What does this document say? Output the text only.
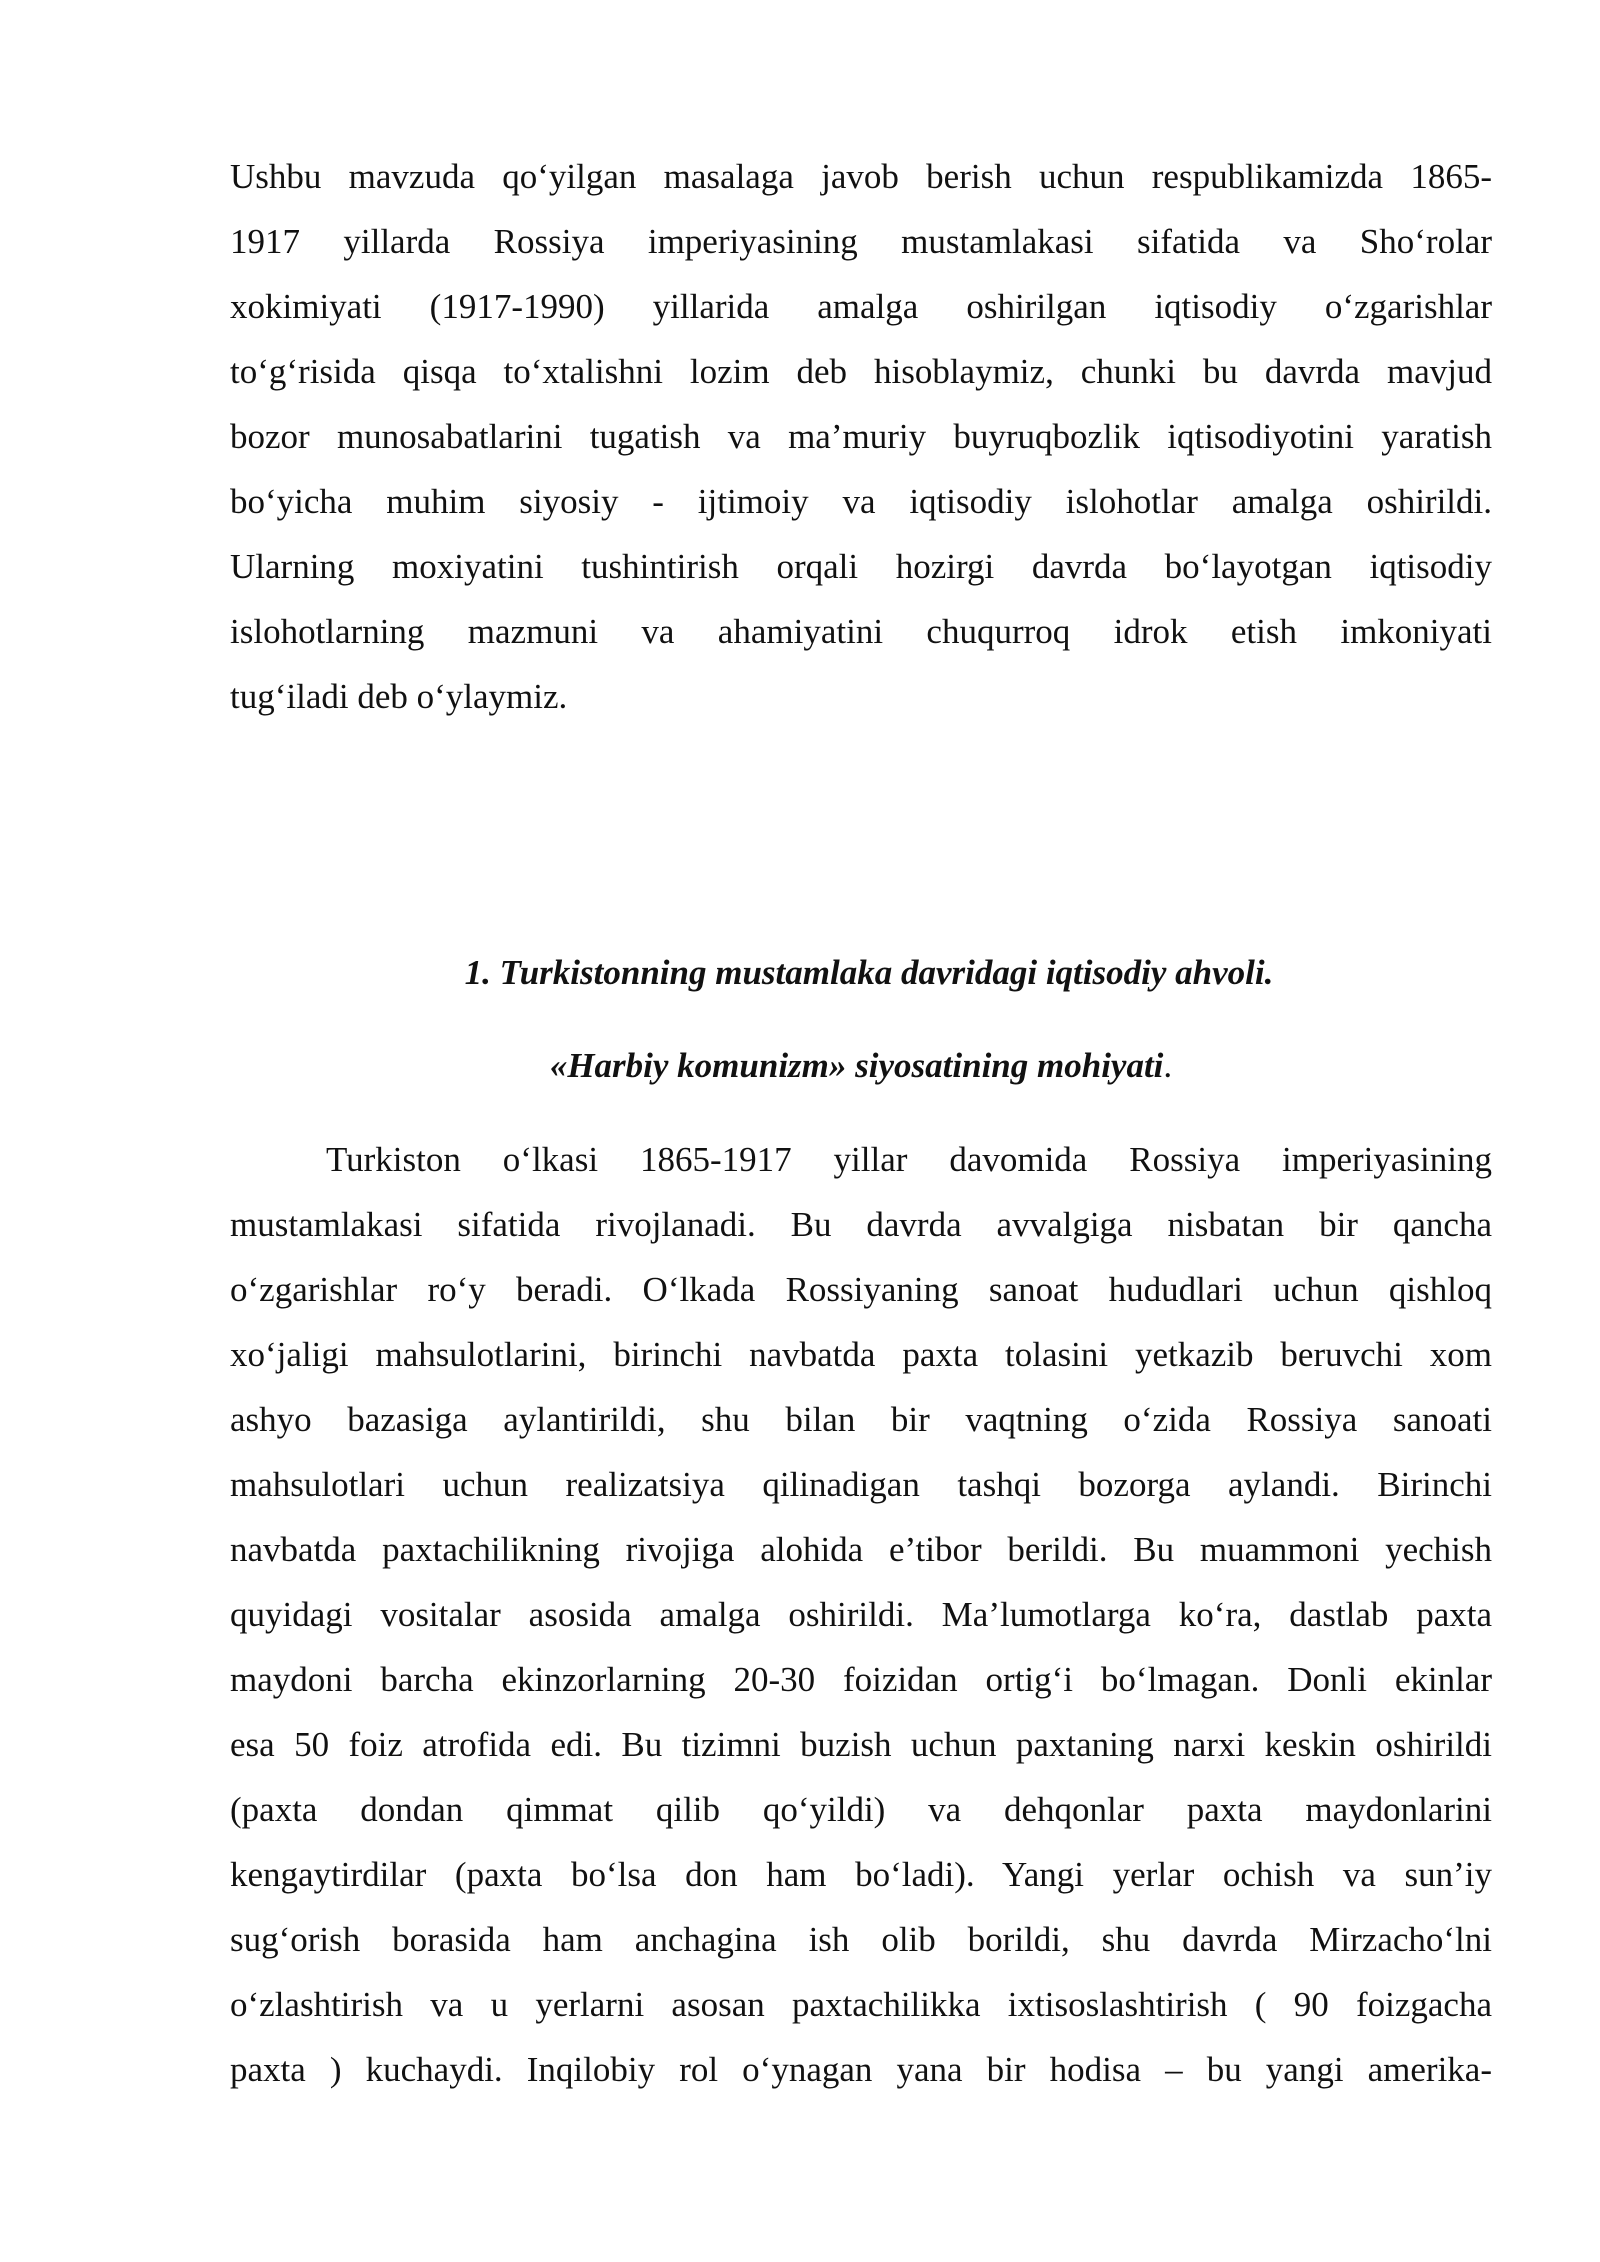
Ushbu mavzuda qo‘yilgan masalaga javob berish uchun respublikamizda 1865-
1917 yillarda Rossiya imperiyasining mustamlakasi sifatida va Sho‘rolar
xokimiyati (1917-1990) yillarida amalga oshirilgan iqtisodiy o‘zgarishlar
to‘g‘risida qisqa to‘xtalishni lozim deb hisoblaymiz, chunki bu davrda mavjud
bozor munosabatlarini tugatish va ma’muriy buyruqbozlik iqtisodiyotini yaratish
bo‘yicha muhim siyosiy - ijtimoiy va iqtisodiy islohotlar amalga oshirildi.
Ularning moxiyatini tushintirish orqali hozirgi davrda bo‘layotgan iqtisodiy
islohotlarning mazmuni va ahamiyatini chuqurroq idrok etish imkoniyati
tug‘iladi deb o‘ylaymiz.
1. Turkistonning mustamlaka davridagi iqtisodiy ahvoli.
«Harbiy komunizm» siyosatining mohiyati.
Turkiston o‘lkasi 1865-1917 yillar davomida Rossiya imperiyasining
mustamlakasi sifatida rivojlanadi. Bu davrda avvalgiga nisbatan bir qancha
o‘zgarishlar ro‘y beradi. O‘lkada Rossiyaning sanoat hududlari uchun qishloq
xo‘jaligi mahsulotlarini, birinchi navbatda paxta tolasini yetkazib beruvchi xom
ashyo bazasiga aylantirildi, shu bilan bir vaqtning o‘zida Rossiya sanoati
mahsulotlari uchun realizatsiya qilinadigan tashqi bozorga aylandi. Birinchi
navbatda paxtachilikning rivojiga alohida e’tibor berildi. Bu muammoni yechish
quyidagi vositalar asosida amalga oshirildi. Ma’lumotlarga ko‘ra, dastlab paxta
maydoni barcha ekinzorlarning 20-30 foizidan ortig‘i bo‘lmagan. Donli ekinlar
esa 50 foiz atrofida edi. Bu tizimni buzish uchun paxtaning narxi keskin oshirildi
(paxta dondan qimmat qilib qo‘yildi) va dehqonlar paxta maydonlarini
kengaytirdilar (paxta bo‘lsa don ham bo‘ladi). Yangi yerlar ochish va sun’iy
sug‘orish borasida ham anchagina ish olib borildi, shu davrda Mirzacho‘lni
o‘zlashtirish va u yerlarni asosan paxtachilikka ixtisoslashtirish ( 90 foizgacha
paxta ) kuchaydi. Inqilobiy rol o‘ynagan yana bir hodisa – bu yangi amerika-
